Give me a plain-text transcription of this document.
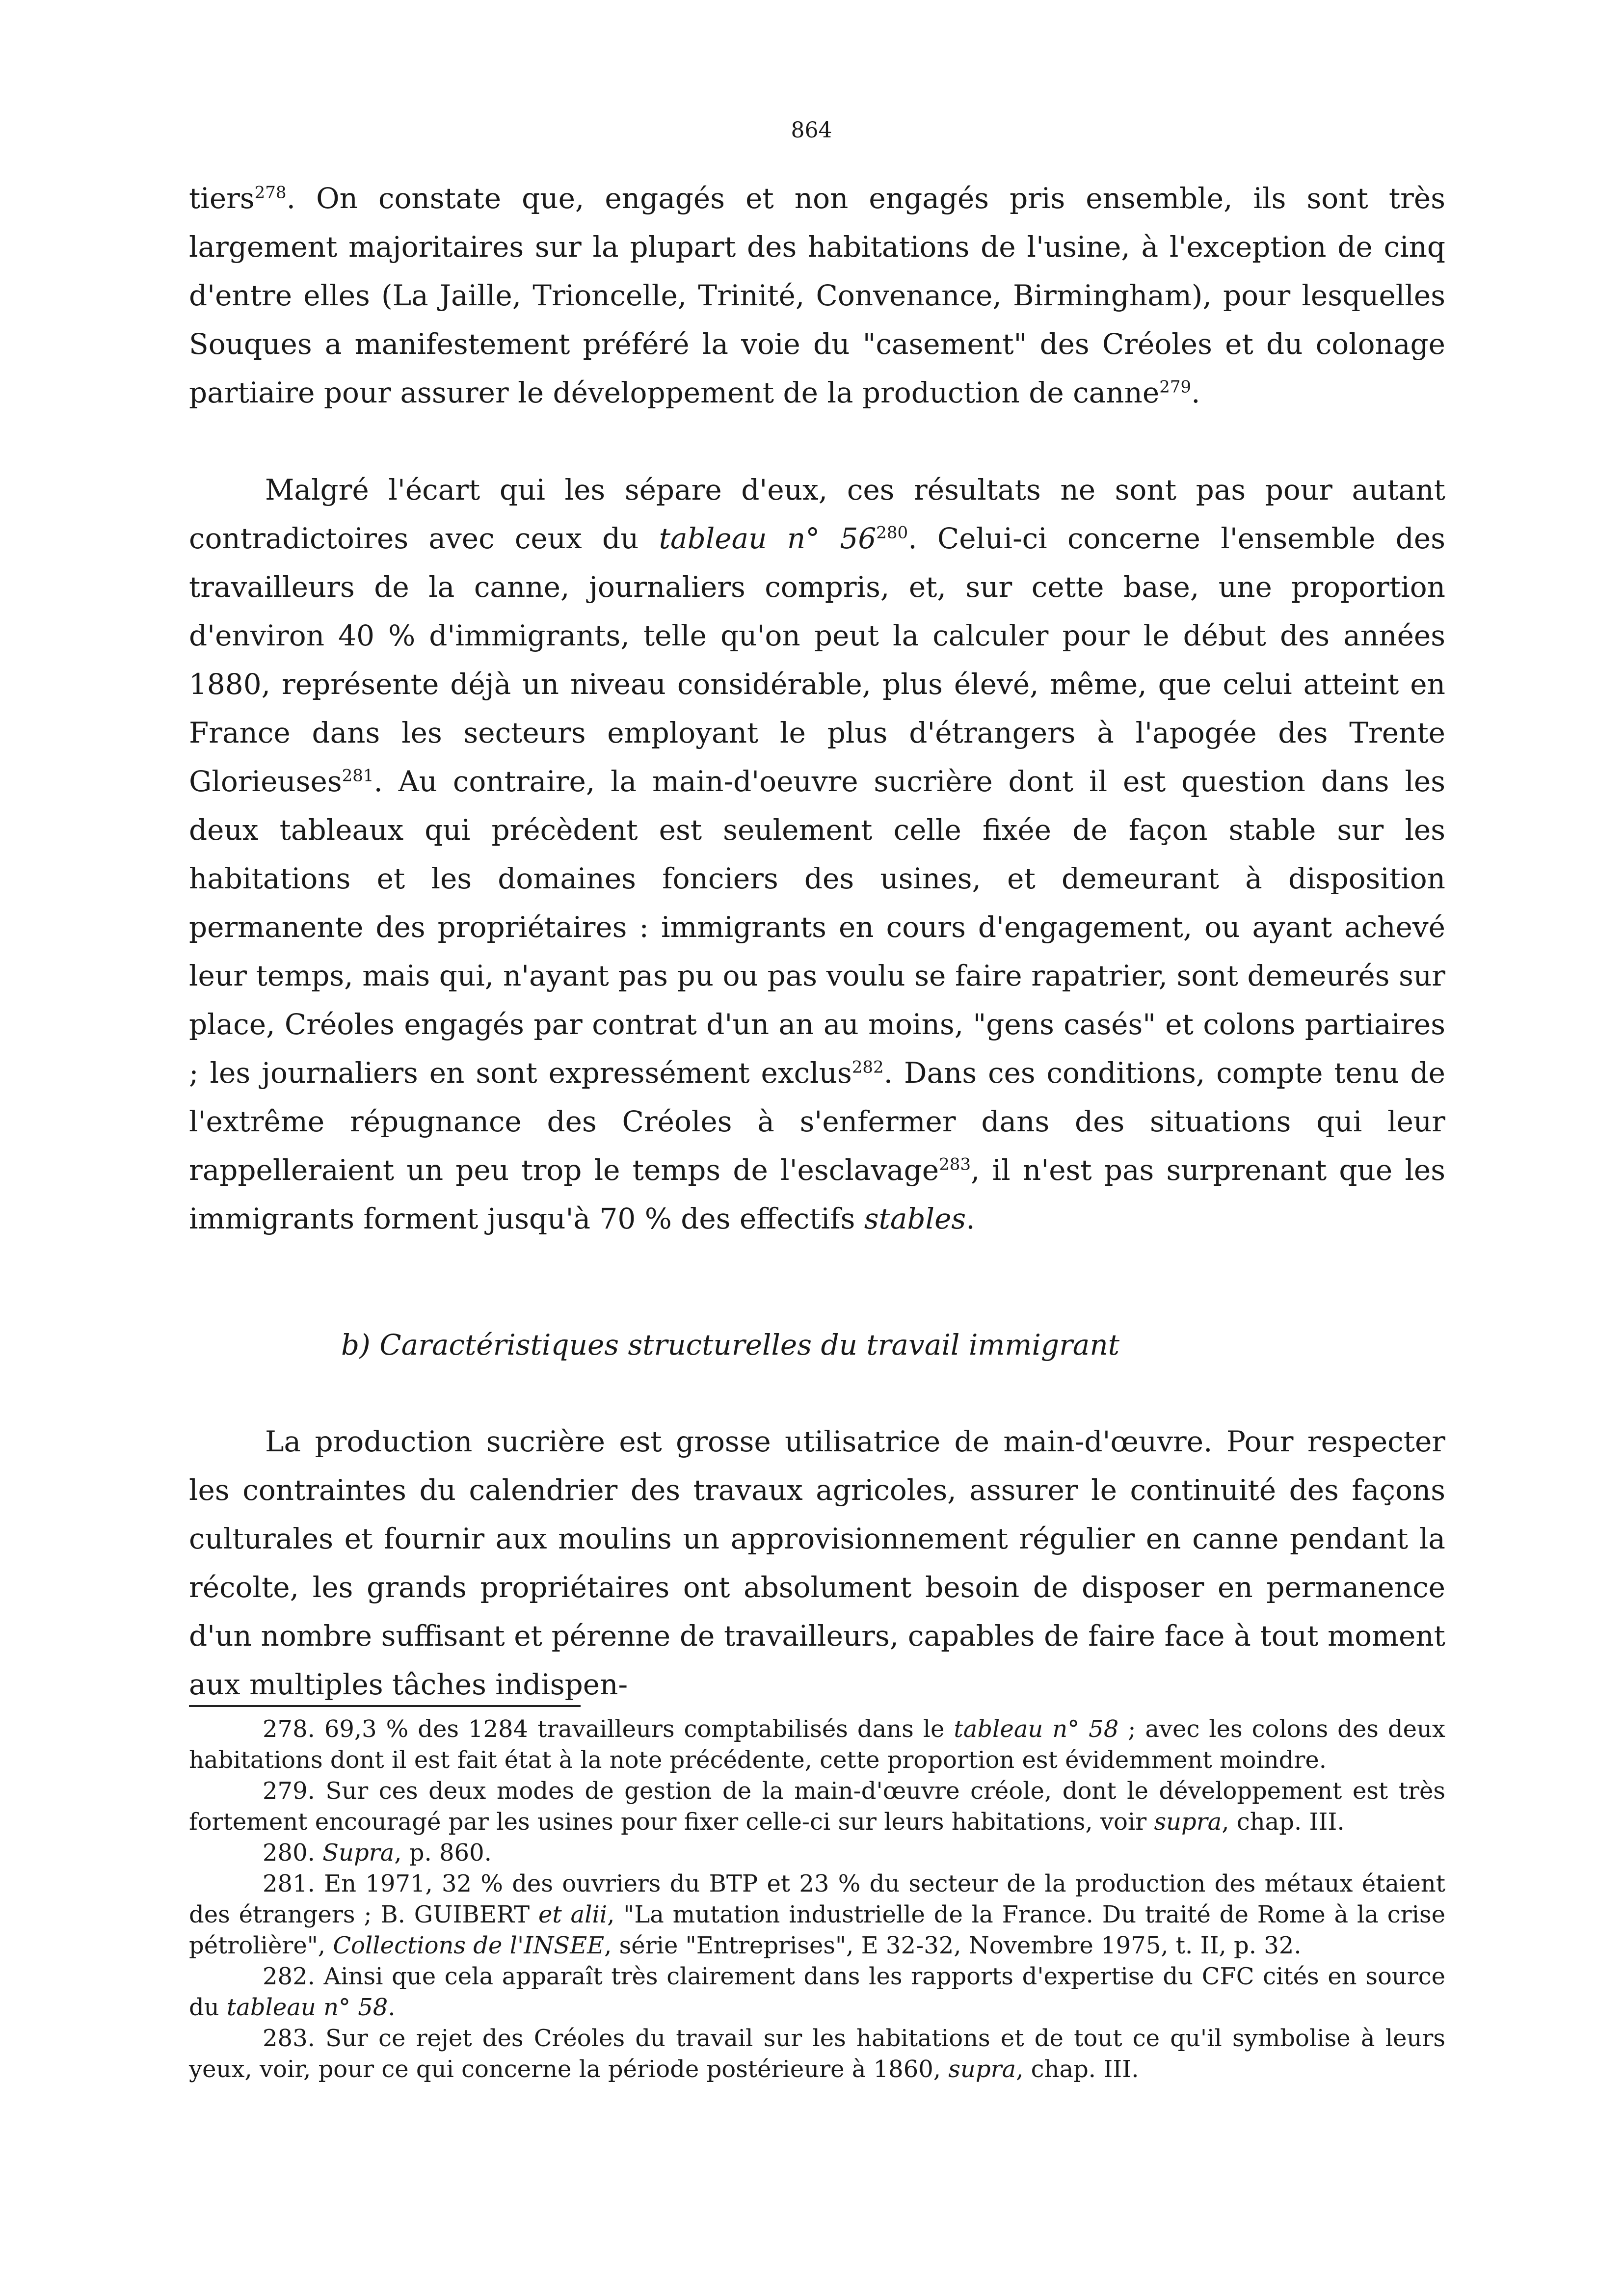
864

tiers$^{278}$. On constate que, engagés et non engagés pris ensemble, ils sont très largement majoritaires sur la plupart des habitations de l'usine, à l'exception de cinq d'entre elles (La Jaille, Trioncelle, Trinité, Convenance, Birmingham), pour lesquelles Souques a manifestement préféré la voie du "casement" des Créoles et du colonage partiaire pour assurer le développement de la production de canne$^{279}$.

Malgré l'écart qui les sépare d'eux, ces résultats ne sont pas pour autant contradictoires avec ceux du tableau n° $56^{280}$. Celui-ci concerne l'ensemble des travailleurs de la canne, journaliers compris, et, sur cette base, une proportion d'environ 40 % d'immigrants, telle qu'on peut la calculer pour le début des années 1880, représente déjà un niveau considérable, plus élevé, même, que celui atteint en France dans les secteurs employant le plus d'étrangers à l'apogée des Trente Glorieuses$^{281}$. Au contraire, la main-d'oeuvre sucrière dont il est question dans les deux tableaux qui précèdent est seulement celle fixée de façon stable sur les habitations et les domaines fonciers des usines, et demeurant à disposition permanente des propriétaires : immigrants en cours d'engagement, ou ayant achevé leur temps, mais qui, n'ayant pas pu ou pas voulu se faire rapatrier, sont demeurés sur place, Créoles engagés par contrat d'un an au moins, "gens casés" et colons partiaires ; les journaliers en sont expressément exclus$^{282}$. Dans ces conditions, compte tenu de l'extrême répugnance des Créoles à s'enfermer dans des situations qui leur rappelleraient un peu trop le temps de l'esclavage$^{283}$, il n'est pas surprenant que les immigrants forment jusqu'à 70 % des effectifs stables.

b) Caractéristiques structurelles du travail immigrant

La production sucrière est grosse utilisatrice de main-d'œuvre. Pour respecter les contraintes du calendrier des travaux agricoles, assurer le continuité des façons culturales et fournir aux moulins un approvisionnement régulier en canne pendant la récolte, les grands propriétaires ont absolument besoin de disposer en permanence d'un nombre suffisant et pérenne de travailleurs, capables de faire face à tout moment aux multiples tâches indispen-

278. 69,3 % des 1284 travailleurs comptabilisés dans le tableau n° 58 ; avec les colons des deux habitations dont il est fait état à la note précédente, cette proportion est évidemment moindre.

279. Sur ces deux modes de gestion de la main-d'œuvre créole, dont le développement est très fortement encouragé par les usines pour fixer celle-ci sur leurs habitations, voir supra, chap. III.

280. Supra, p. 860.

281. En 1971, 32 % des ouvriers du BTP et 23 % du secteur de la production des métaux étaient des étrangers ; B. GUIBERT et alii, "La mutation industrielle de la France. Du traité de Rome à la crise pétrolière", Collections de l'INSEE, série "Entreprises", E 32-32, Novembre 1975, t. II, p. 32.

282. Ainsi que cela apparaît très clairement dans les rapports d'expertise du CFC cités en source du tableau n° 58.

283. Sur ce rejet des Créoles du travail sur les habitations et de tout ce qu'il symbolise à leurs yeux, voir, pour ce qui concerne la période postérieure à 1860, supra, chap. III.
